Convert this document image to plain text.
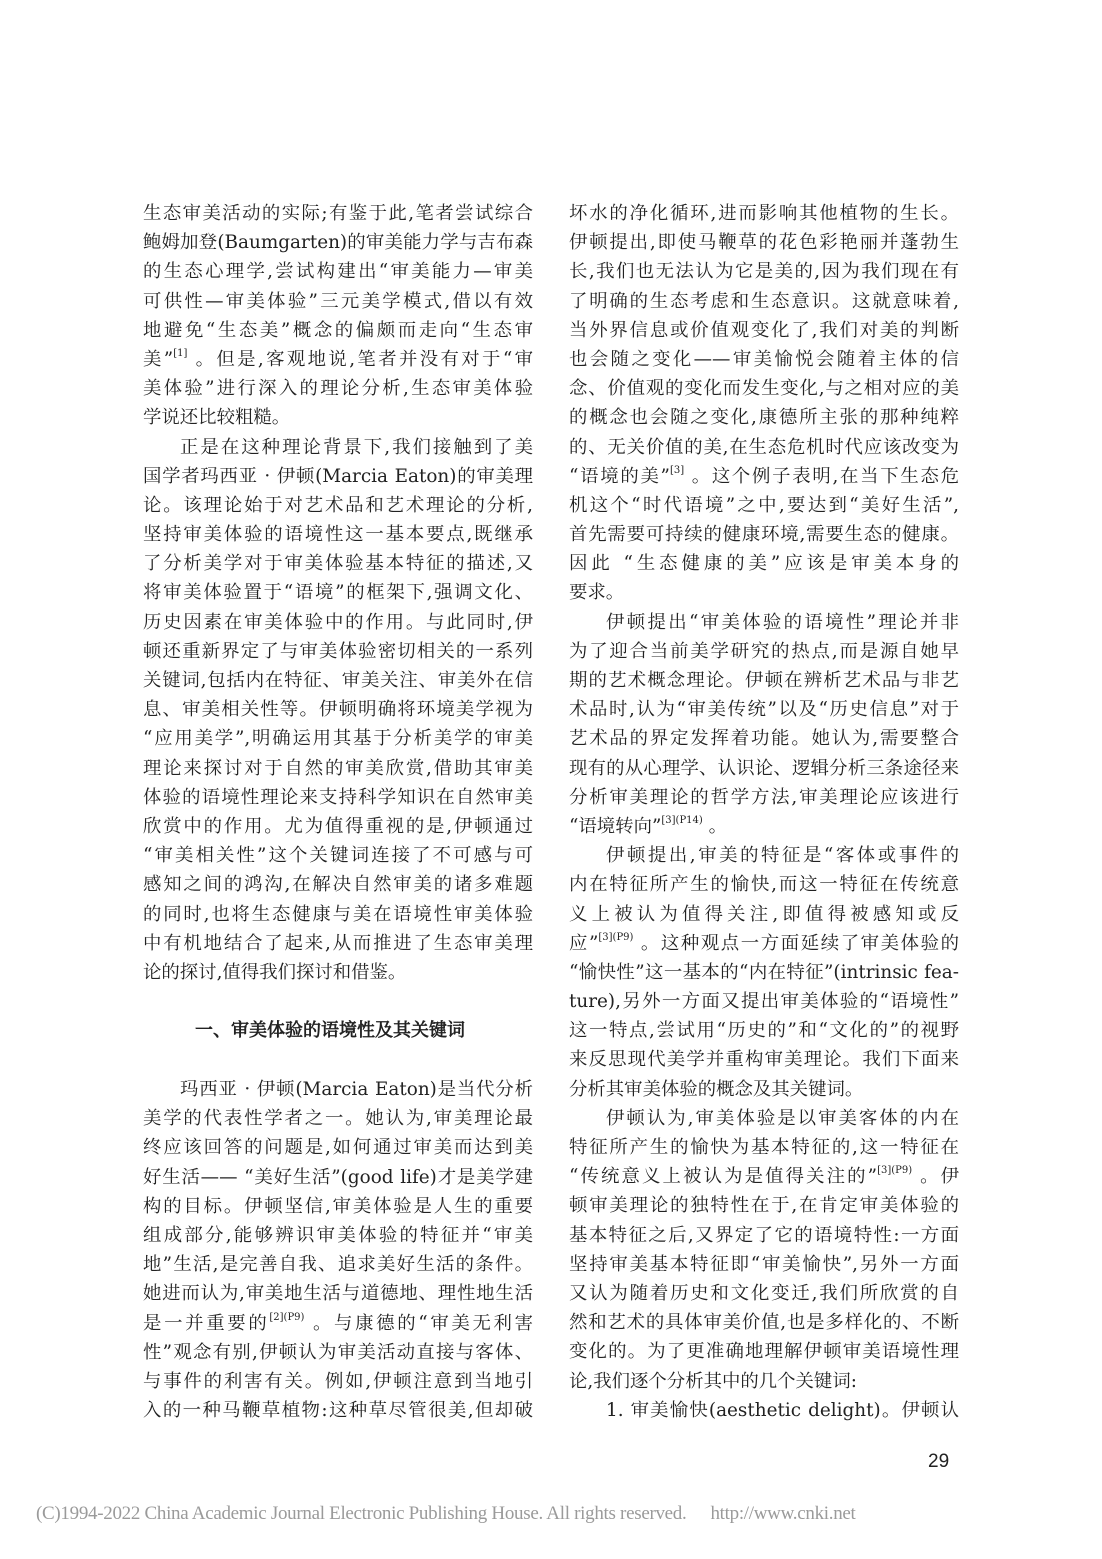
生态审美活动的实际;有鉴于此,笔者尝试综合
鲍姆加登(Baumgarten)的审美能力学与吉布森
的生态心理学,尝试构建出“审美能力—审美
可供性—审美体验”三元美学模式,借以有效
地避免“生态美”概念的偏颇而走向“生态审
美”[1] 。但是,客观地说,笔者并没有对于“审
美体验”进行深入的理论分析,生态审美体验
学说还比较粗糙。
正是在这种理论背景下,我们接触到了美
国学者玛西亚 · 伊顿(Marcia Eaton)的审美理
论。该理论始于对艺术品和艺术理论的分析,
坚持审美体验的语境性这一基本要点,既继承
了分析美学对于审美体验基本特征的描述,又
将审美体验置于“语境”的框架下,强调文化、
历史因素在审美体验中的作用。与此同时,伊
顿还重新界定了与审美体验密切相关的一系列
关键词,包括内在特征、审美关注、审美外在信
息、审美相关性等。伊顿明确将环境美学视为
“应用美学”,明确运用其基于分析美学的审美
理论来探讨对于自然的审美欣赏,借助其审美
体验的语境性理论来支持科学知识在自然审美
欣赏中的作用。尤为值得重视的是,伊顿通过
“审美相关性”这个关键词连接了不可感与可
感知之间的鸿沟,在解决自然审美的诸多难题
的同时,也将生态健康与美在语境性审美体验
中有机地结合了起来,从而推进了生态审美理
论的探讨,值得我们探讨和借鉴。
一、审美体验的语境性及其关键词
玛西亚 · 伊顿(Marcia Eaton)是当代分析
美学的代表性学者之一。她认为,审美理论最
终应该回答的问题是,如何通过审美而达到美
好生活—— “美好生活”(good life)才是美学建
构的目标。伊顿坚信,审美体验是人生的重要
组成部分,能够辨识审美体验的特征并“审美
地”生活,是完善自我、追求美好生活的条件。
她进而认为,审美地生活与道德地、理性地生活
是一并重要的$^{[2](P9)}$ 。与康德的“审美无利害
性”观念有别,伊顿认为审美活动直接与客体、
与事件的利害有关。例如,伊顿注意到当地引
入的一种马鞭草植物:这种草尽管很美,但却破
坏水的净化循环,进而影响其他植物的生长。
伊顿提出,即使马鞭草的花色彩艳丽并蓬勃生
长,我们也无法认为它是美的,因为我们现在有
了明确的生态考虑和生态意识。这就意味着,
当外界信息或价值观变化了,我们对美的判断
也会随之变化——审美愉悦会随着主体的信
念、价值观的变化而发生变化,与之相对应的美
的概念也会随之变化,康德所主张的那种纯粹
的、无关价值的美,在生态危机时代应该改变为
“语境的美”[3] 。这个例子表明,在当下生态危
机这个“时代语境”之中,要达到“美好生活”,
首先需要可持续的健康环境,需要生态的健康。
因此 “生态健康的美”应该是审美本身的
要求。
伊顿提出“审美体验的语境性”理论并非
为了迎合当前美学研究的热点,而是源自她早
期的艺术概念理论。伊顿在辨析艺术品与非艺
术品时,认为“审美传统”以及“历史信息”对于
艺术品的界定发挥着功能。她认为,需要整合
现有的从心理学、认识论、逻辑分析三条途径来
分析审美理论的哲学方法,审美理论应该进行
“语境转向”$^{[3](P14)}$ 。
伊顿提出,审美的特征是“客体或事件的
内在特征所产生的愉快,而这一特征在传统意
义上被认为值得关注,即值得被感知或反
应”$^{[3](P9)}$ 。这种观点一方面延续了审美体验的
“愉快性”这一基本的“内在特征”(intrinsic fea-
ture),另外一方面又提出审美体验的“语境性”
这一特点,尝试用“历史的”和“文化的”的视野
来反思现代美学并重构审美理论。我们下面来
分析其审美体验的概念及其关键词。
伊顿认为,审美体验是以审美客体的内在
特征所产生的愉快为基本特征的,这一特征在
“传统意义上被认为是值得关注的”$^{[3](P9)}$ 。伊
顿审美理论的独特性在于,在肯定审美体验的
基本特征之后,又界定了它的语境特性:一方面
坚持审美基本特征即“审美愉快”,另外一方面
又认为随着历史和文化变迁,我们所欣赏的自
然和艺术的具体审美价值,也是多样化的、不断
变化的。为了更准确地理解伊顿审美语境性理
论,我们逐个分析其中的几个关键词:
1. 审美愉快(aesthetic delight)。伊顿认
29
(C)1994-2022 China Academic Journal Electronic Publishing House. All rights reserved. http://www.cnki.net
